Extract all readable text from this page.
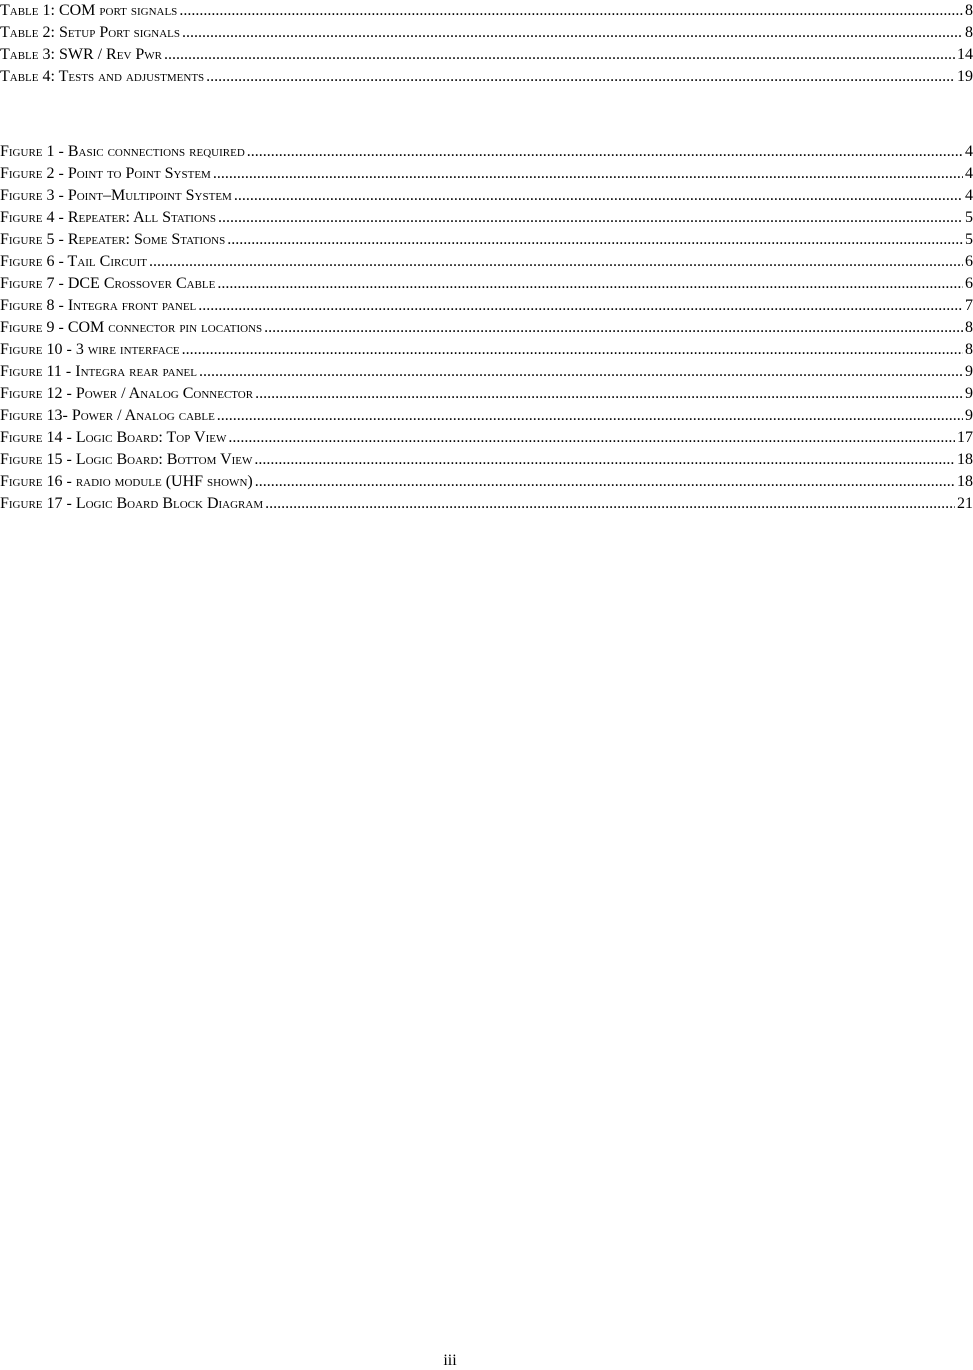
Table 1: COM port signals .....	8
Table 2: Setup Port signals .....	8
Table 3: SWR / Rev Pwr .....	14
Table 4: Tests and adjustments .....	19
Figure 1 - Basic connections required .....	4
Figure 2 - Point to Point System .....	4
Figure 3 - Point–Multipoint System .....	4
Figure 4 - Repeater: All Stations .....	5
Figure 5 - Repeater: Some Stations .....	5
Figure 6 - Tail Circuit .....	6
Figure 7 - DCE Crossover Cable .....	6
Figure 8 - Integra front panel .....	7
Figure 9 - COM connector pin locations .....	8
Figure 10 - 3 wire interface .....	8
Figure 11 - Integra rear panel .....	9
Figure 12 - Power / Analog Connector .....	9
Figure 13- Power / Analog cable .....	9
Figure 14 - Logic Board: Top View .....	17
Figure 15 - Logic Board: Bottom View .....	18
Figure 16 - radio module (UHF shown) .....	18
Figure 17 - Logic Board Block Diagram .....	21
iii
